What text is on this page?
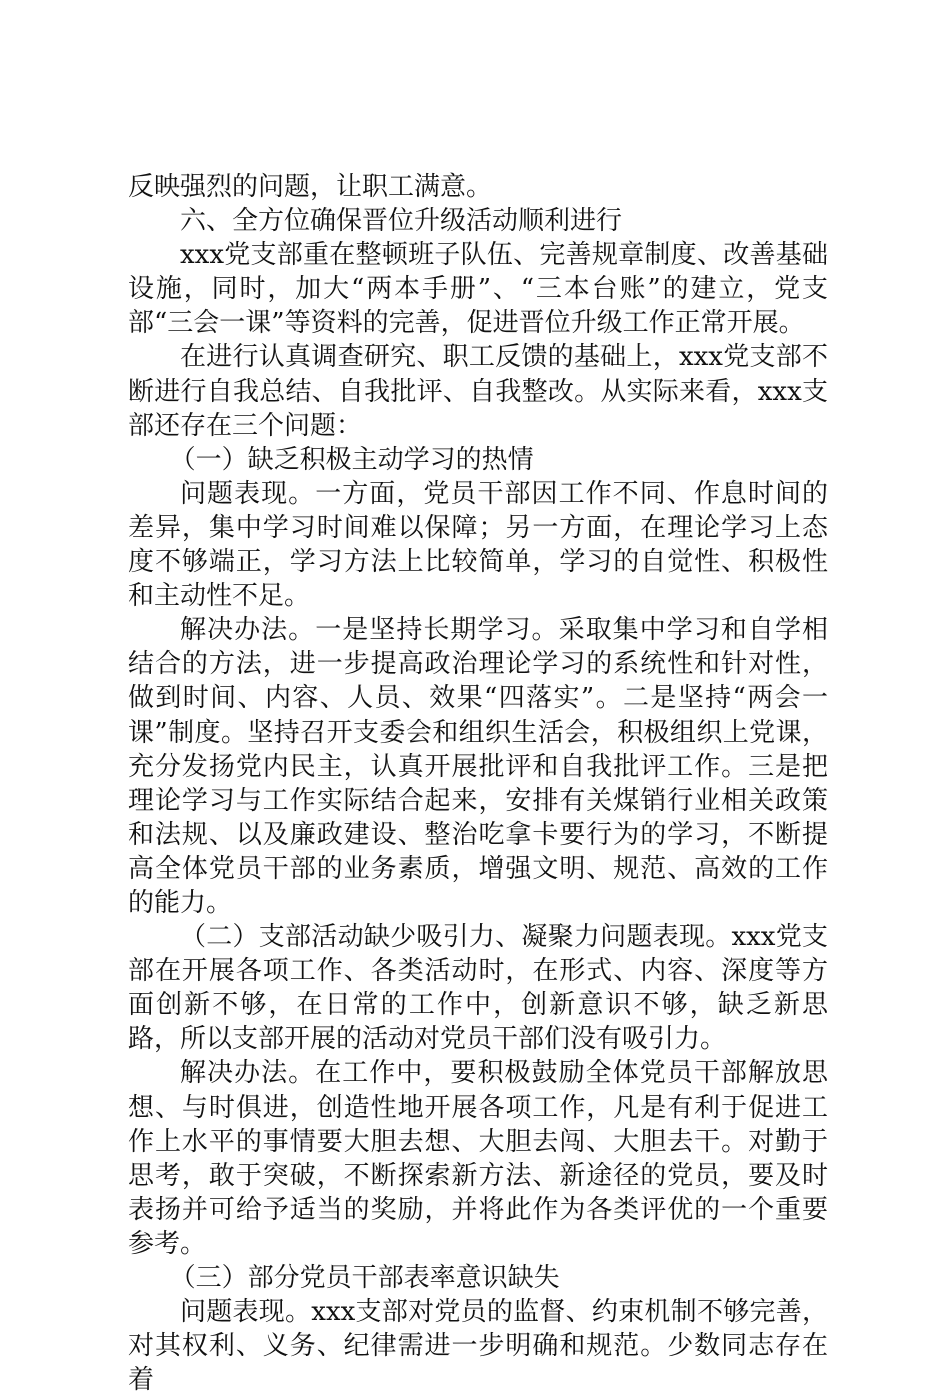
反映强烈的问题，让职工满意。

六、全方位确保晋位升级活动顺利进行

xxx党支部重在整顿班子队伍、完善规章制度、改善基础设施，同时，加大“两本手册”、“三本台账”的建立，党支部“三会一课”等资料的完善，促进晋位升级工作正常开展。

在进行认真调查研究、职工反馈的基础上，xxx党支部不断进行自我总结、自我批评、自我整改。从实际来看，xxx支部还存在三个问题：

（一）缺乏积极主动学习的热情

问题表现。一方面，党员干部因工作不同、作息时间的差异，集中学习时间难以保障；另一方面，在理论学习上态度不够端正，学习方法上比较简单，学习的自觉性、积极性和主动性不足。

解决办法。一是坚持长期学习。采取集中学习和自学相结合的方法，进一步提高政治理论学习的系统性和针对性，做到时间、内容、人员、效果“四落实”。二是坚持“两会一课”制度。坚持召开支委会和组织生活会，积极组织上党课，充分发扬党内民主，认真开展批评和自我批评工作。三是把理论学习与工作实际结合起来，安排有关煤销行业相关政策和法规、以及廉政建设、整治吃拿卡要行为的学习，不断提高全体党员干部的业务素质，增强文明、规范、高效的工作的能力。

（二）支部活动缺少吸引力、凝聚力问题表现。xxx党支部在开展各项工作、各类活动时，在形式、内容、深度等方面创新不够，在日常的工作中，创新意识不够，缺乏新思路，所以支部开展的活动对党员干部们没有吸引力。

解决办法。在工作中，要积极鼓励全体党员干部解放思想、与时俱进，创造性地开展各项工作，凡是有利于促进工作上水平的事情要大胆去想、大胆去闯、大胆去干。对勤于思考，敢于突破，不断探索新方法、新途径的党员，要及时表扬并可给予适当的奖励，并将此作为各类评优的一个重要参考。

（三）部分党员干部表率意识缺失

问题表现。xxx支部对党员的监督、约束机制不够完善，对其权利、义务、纪律需进一步明确和规范。少数同志存在着
